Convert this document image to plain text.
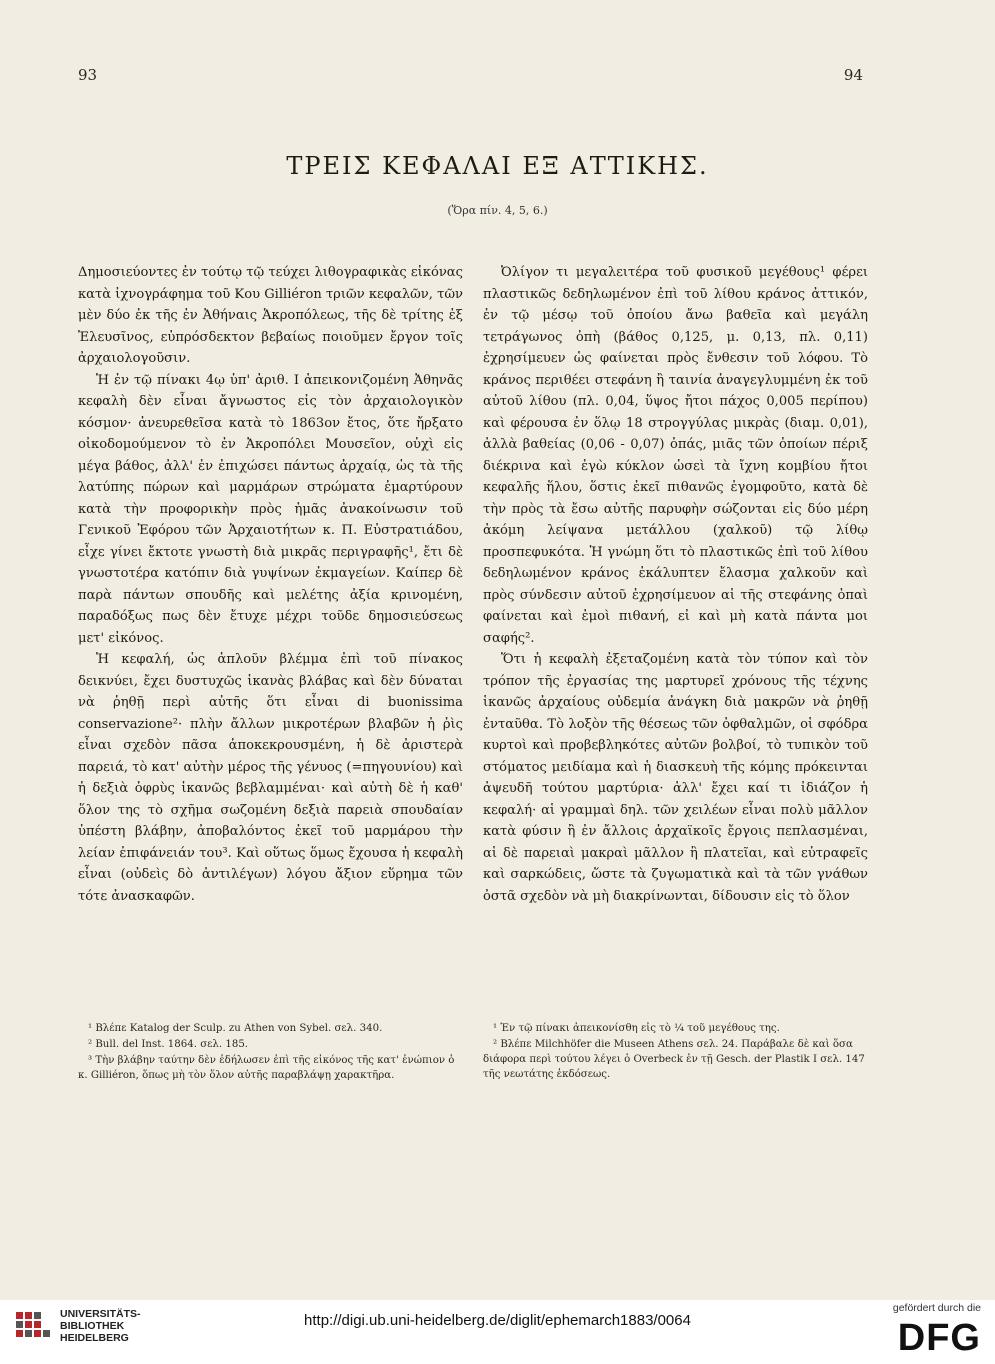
93	94
ΤΡΕΙΣ ΚΕΦΑΛΑΙ ΕΞ ΑΤΤΙΚΗΣ.
(Ὅρα πίν. 4, 5, 6.)

Δημοσιεύοντες ἐν τούτῳ τῷ τεύχει λιθογραφικὰς εἰκόνας κατὰ ἰχνογράφημα τοῦ Κου Gilliéron τριῶν κεφαλῶν, τῶν μὲν δύο ἐκ τῆς ἐν Ἀθήναις Ἀκροπόλεως, τῆς δὲ τρίτης ἐξ Ἐλευσῖνος, εὐπρόσδεκτον βεβαίως ποιοῦμεν ἔργον τοῖς ἀρχαιολογοῦσιν.

Ἡ ἐν τῷ πίνακι 4ῳ ὑπ' ἀριθ. Ι ἀπεικονιζομένη Ἀθηνᾶς κεφαλὴ δὲν εἶναι ἄγνωστος εἰς τὸν ἀρχαιολογικὸν κόσμον· ἀνευρεθεῖσα κατὰ τὸ 1863ον ἔτος, ὅτε ἤρξατο οἰκοδομούμενον τὸ ἐν Ἀκροπόλει Μουσεῖον, οὐχὶ εἰς μέγα βάθος, ἀλλ' ἐν ἐπιχώσει πάντως ἀρχαίᾳ, ὡς τὰ τῆς λατύπης πώρων καὶ μαρμάρων στρώματα ἐμαρτύρουν κατὰ τὴν προφορικὴν πρὸς ἡμᾶς ἀνακοίνωσιν τοῦ Γενικοῦ Ἐφόρου τῶν Ἀρχαιοτήτων κ. Π. Εὐστρατιάδου, εἶχε γίνει ἔκτοτε γνωστὴ διὰ μικρᾶς περιγραφῆς¹, ἔτι δὲ γνωστοτέρα κατόπιν διὰ γυψίνων ἐκμαγείων. Καίπερ δὲ παρὰ πάντων σπουδῆς καὶ μελέτης ἀξία κρινομένη, παραδόξως πως δὲν ἔτυχε μέχρι τοῦδε δημοσιεύσεως μετ' εἰκόνος.

Ἡ κεφαλή, ὡς ἁπλοῦν βλέμμα ἐπὶ τοῦ πίνακος δεικνύει, ἔχει δυστυχῶς ἱκανὰς βλάβας καὶ δὲν δύναται νὰ ῥηθῇ περὶ αὐτῆς ὅτι εἶναι di buonissima conservazione²· πλὴν ἄλλων μικροτέρων βλαβῶν ἡ ῥὶς εἶναι σχεδὸν πᾶσα ἀποκεκρουσμένη, ἡ δὲ ἀριστερὰ παρειά, τὸ κατ' αὐτὴν μέρος τῆς γένυος (=πηγουνίου) καὶ ἡ δεξιὰ ὀφρὺς ἱκανῶς βεβλαμμέναι· καὶ αὐτὴ δὲ ἡ καθ' ὅλον της τὸ σχῆμα σωζομένη δεξιὰ παρειὰ σπουδαίαν ὑπέστη βλάβην, ἀποβαλόντος ἐκεῖ τοῦ μαρμάρου τὴν λείαν ἐπιφάνειάν του³. Καὶ οὕτως ὅμως ἔχουσα ἡ κεφαλὴ εἶναι (οὐδεὶς δὸ ἀντιλέγων) λόγου ἄξιον εὕρημα τῶν τότε ἀνασκαφῶν.

Ὀλίγον τι μεγαλειτέρα τοῦ φυσικοῦ μεγέθους¹ φέρει πλαστικῶς δεδηλωμένον ἐπὶ τοῦ λίθου κράνος ἀττικόν, ἐν τῷ μέσῳ τοῦ ὁποίου ἄνω βαθεῖα καὶ μεγάλη τετράγωνος ὀπὴ (βάθος 0,125, μ. 0,13, πλ. 0,11) ἐχρησίμευεν ὡς φαίνεται πρὸς ἔνθεσιν τοῦ λόφου. Τὸ κράνος περιθέει στεφάνη ἢ ταινία ἀναγεγλυμμένη ἐκ τοῦ αὐτοῦ λίθου (πλ. 0,04, ὕψος ἤτοι πάχος 0,005 περίπου) καὶ φέρουσα ἐν ὅλῳ 18 στρογγύλας μικρὰς (διαμ. 0,01), ἀλλὰ βαθείας (0,06 - 0,07) ὀπάς, μιᾶς τῶν ὁποίων πέριξ διέκρινα καὶ ἐγὼ κύκλον ὡσεὶ τὰ ἴχνη κομβίου ἤτοι κεφαλῆς ἥλου, ὅστις ἐκεῖ πιθανῶς ἐγομφοῦτο, κατὰ δὲ τὴν πρὸς τὰ ἔσω αὐτῆς παρυφὴν σώζονται εἰς δύο μέρη ἀκόμη λείψανα μετάλλου (χαλκοῦ) τῷ λίθῳ προσπεφυκότα. Ἡ γνώμη ὅτι τὸ πλαστικῶς ἐπὶ τοῦ λίθου δεδηλωμένον κράνος ἐκάλυπτεν ἔλασμα χαλκοῦν καὶ πρὸς σύνδεσιν αὐτοῦ ἐχρησίμευον αἱ τῆς στεφάνης ὀπαὶ φαίνεται καὶ ἐμοὶ πιθανή, εἰ καὶ μὴ κατὰ πάντα μοι σαφής².

Ὅτι ἡ κεφαλὴ ἐξεταζομένη κατὰ τὸν τύπον καὶ τὸν τρόπον τῆς ἐργασίας της μαρτυρεῖ χρόνους τῆς τέχνης ἱκανῶς ἀρχαίους οὐδεμία ἀνάγκη διὰ μακρῶν νὰ ῥηθῇ ἐνταῦθα. Τὸ λοξὸν τῆς θέσεως τῶν ὀφθαλμῶν, οἱ σφόδρα κυρτοὶ καὶ προβεβληκότες αὐτῶν βολβοί, τὸ τυπικὸν τοῦ στόματος μειδίαμα καὶ ἡ διασκευὴ τῆς κόμης πρόκεινται ἀψευδῆ τούτου μαρτύρια· ἀλλ' ἔχει καί τι ἰδιάζον ἡ κεφαλή· αἱ γραμμαὶ δηλ. τῶν χειλέων εἶναι πολὺ μᾶλλον κατὰ φύσιν ἢ ἐν ἄλλοις ἀρχαϊκοῖς ἔργοις πεπλασμέναι, αἱ δὲ παρειαὶ μακραὶ μᾶλλον ἢ πλατεῖαι, καὶ εὐτραφεῖς καὶ σαρκώδεις, ὥστε τὰ ζυγωματικὰ καὶ τὰ τῶν γνάθων ὀστᾶ σχεδὸν νὰ μὴ διακρίνωνται, δίδουσιν εἰς τὸ ὅλον

¹ Βλέπε Katalog der Sculp. zu Athen von Sybel. σελ. 340.

² Bull. del Inst. 1864. σελ. 185.

³ Τὴν βλάβην ταύτην δὲν ἐδήλωσεν ἐπὶ τῆς εἰκόνος τῆς κατ' ἐνώπιον ὁ κ. Gilliéron, ὅπως μὴ τὸν ὅλον αὐτῆς παραβλάψῃ χαρακτῆρα.

¹ Ἐν τῷ πίνακι ἀπεικονίσθη εἰς τὸ ¼ τοῦ μεγέθους της.

² Βλέπε Milchhöfer die Museen Athens σελ. 24. Παράβαλε δὲ καὶ ὅσα διάφορα περὶ τούτου λέγει ὁ Overbeck ἐν τῇ Gesch. der Plastik I σελ. 147 τῆς νεωτάτης ἐκδόσεως.

UNIVERSITÄTS-
BIBLIOTHEK
HEIDELBERG
http://digi.ub.uni-heidelberg.de/diglit/ephemarch1883/0064
gefördert durch die
DFG
